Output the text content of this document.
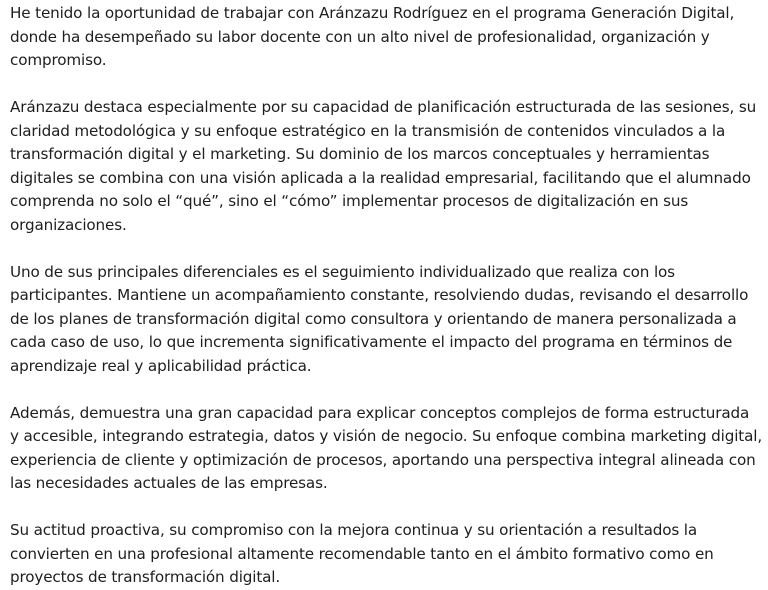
He tenido la oportunidad de trabajar con Aránzazu Rodríguez en el programa Generación Digital, donde ha desempeñado su labor docente con un alto nivel de profesionalidad, organización y compromiso.

Aránzazu destaca especialmente por su capacidad de planificación estructurada de las sesiones, su claridad metodológica y su enfoque estratégico en la transmisión de contenidos vinculados a la transformación digital y el marketing. Su dominio de los marcos conceptuales y herramientas digitales se combina con una visión aplicada a la realidad empresarial, facilitando que el alumnado comprenda no solo el “qué”, sino el “cómo” implementar procesos de digitalización en sus organizaciones.

Uno de sus principales diferenciales es el seguimiento individualizado que realiza con los participantes. Mantiene un acompañamiento constante, resolviendo dudas, revisando el desarrollo de los planes de transformación digital como consultora y orientando de manera personalizada a cada caso de uso, lo que incrementa significativamente el impacto del programa en términos de aprendizaje real y aplicabilidad práctica.

Además, demuestra una gran capacidad para explicar conceptos complejos de forma estructurada y accesible, integrando estrategia, datos y visión de negocio. Su enfoque combina marketing digital, experiencia de cliente y optimización de procesos, aportando una perspectiva integral alineada con las necesidades actuales de las empresas.

Su actitud proactiva, su compromiso con la mejora continua y su orientación a resultados la convierten en una profesional altamente recomendable tanto en el ámbito formativo como en proyectos de transformación digital.
